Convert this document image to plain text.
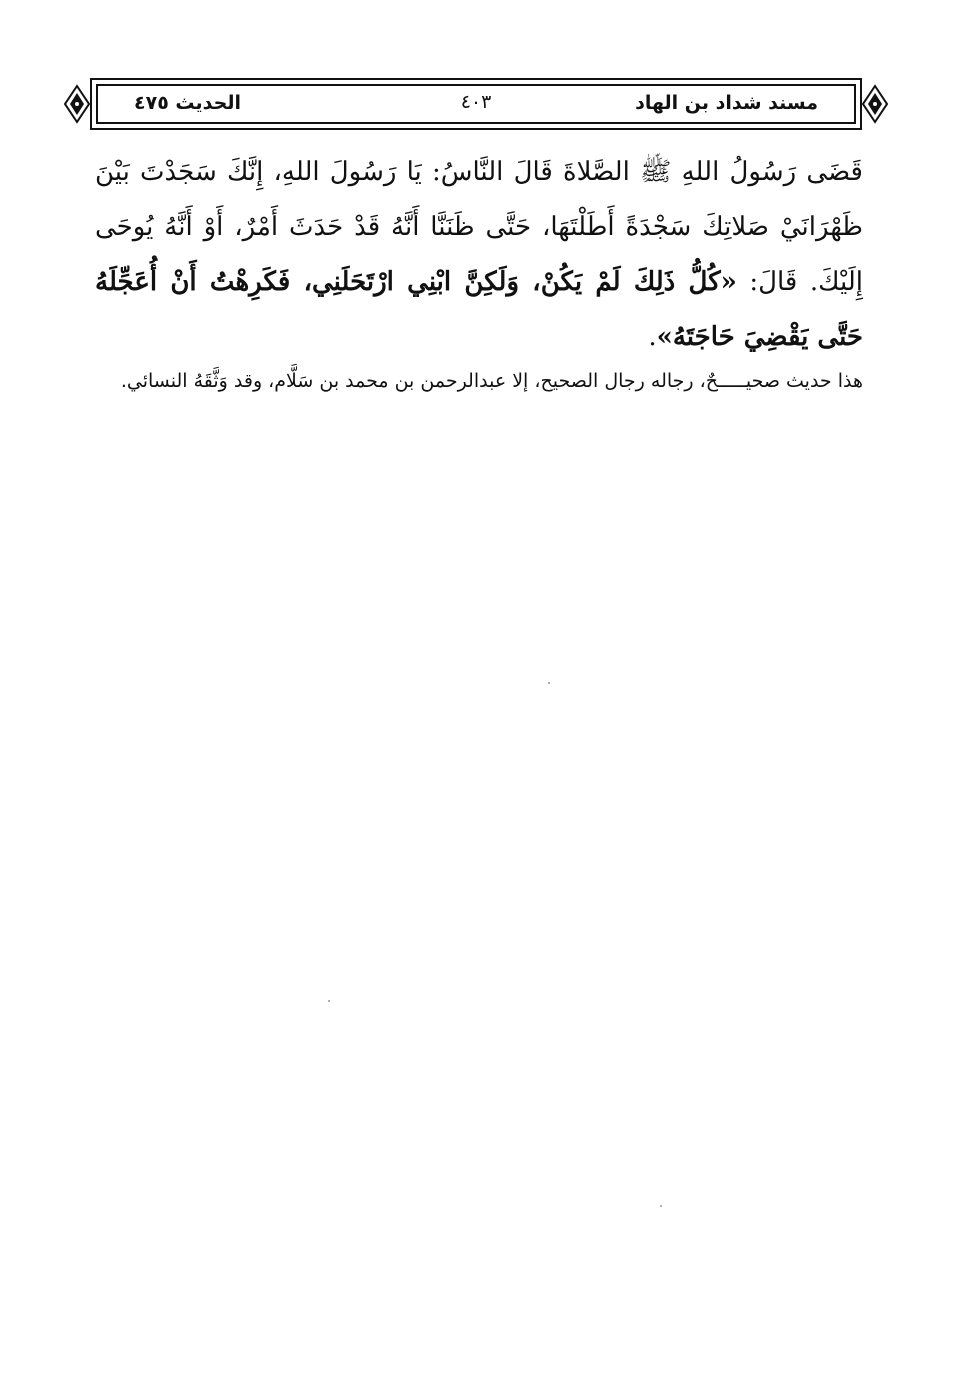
مسند شداد بن الهاد
٤٠٣
الحديث ٤٧٥
قَضَى رَسُولُ اللهِ ﷺ الصَّلاةَ قَالَ النَّاسُ: يَا رَسُولَ اللهِ، إِنَّكَ سَجَدْتَ بَيْنَ ظَهْرَانَيْ صَلاتِكَ سَجْدَةً أَطَلْتَهَا، حَتَّى ظَنَنَّا أَنَّهُ قَدْ حَدَثَ أَمْرٌ، أَوْ أَنَّهُ يُوحَى إِلَيْكَ. قَالَ: «كُلُّ ذَلِكَ لَمْ يَكُنْ، وَلَكِنَّ ابْنِي ارْتَحَلَنِي، فَكَرِهْتُ أَنْ أُعَجِّلَهُ حَتَّى يَقْضِيَ حَاجَتَهُ».
هذا حديث صحيـــــحٌ، رجاله رجال الصحيح، إلا عبدالرحمن بن محمد بن سَلَّام، وقد وَثَّقَهُ النسائي.
